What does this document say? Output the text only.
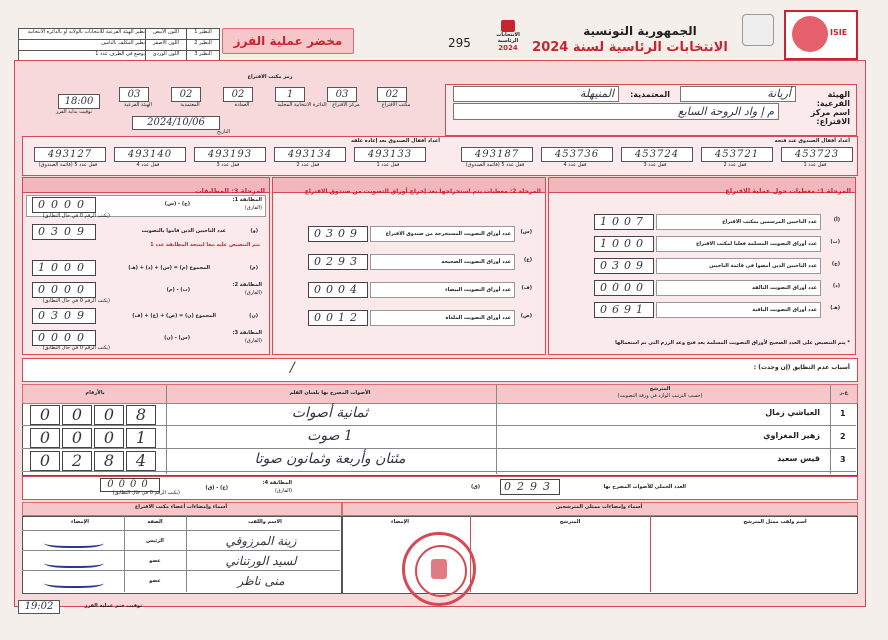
ISIE
الجمهورية التونسية
الانتخابات الرئاسية لسنة 2024
الانتخابات
الرئاسية
2024
295
مخضر عملية الفرز
النظير 1
اللون الأبيض
نظير الهيئة الفرعية للانتخابات بالولاية أو بالدائرة الانتخابية
النظير 2
اللون الأصفر
نظير المكلف بالتأمين
النظير 3
اللون الوردي
يوضع في الظرف عدد 1
الهيئة الفرعية:
أريانة
المعتمدية:
المنيهلة
اسم مركز الاقتراع:
م إ واد الروحة السابع
رمز مكتب الاقتراع
03
الهيئة الفرعية
02
المعتمدية
02
العمادة
1
الدائرة الانتخابية المحلية
03
مركز الاقتراع
02
مكتب الاقتراع
18:00
توقيت بداية الفرز
2024/10/06
التاريخ
أعداد أقفال الصندوق عند فتحه
أعداد أقفال الصندوق بعد إعادة غلقه
453723
قفل عدد 1
453721
قفل عدد 2
453724
قفل عدد 3
453736
قفل عدد 4
493187
قفل عدد 5 (قائمة الصندوق)
493133
قفل عدد 1
493134
قفل عدد 2
493193
قفل عدد 3
493140
قفل عدد 4
493127
قفل عدد 5 (قائمة الصندوق)
المرحلة 1: معطيات حول عملية الاقتراع
(أ)
عدد الناخبين المرسمين بمكتب الاقتراع
1007
(ب)
عدد أوراق التصويت المسلمة فعليا لمكتب الاقتراع
1000
(ج)
عدد الناخبين الذين أمضوا في قائمة الناخبين
0309
(د)
عدد أوراق التصويت التالفة
0000
(هـ)
عدد أوراق التصويت الباقية
0691
* يتم التنصيص على العدد الصحيح لأوراق التصويت المسلمة بعد فتح وعد الرزم التي تم استعمالها
المرحلة 2: معطيات يتم استخراجها بعد إخراج أوراق التصويت من صندوق الاقتراع
(س)
عدد أوراق التصويت المستخرجة من صندوق الاقتراع
0309
(ع)
عدد أوراق التصويت الصحيحة
0293
(ف)
عدد أوراق التصويت البيضاء
0004
(ص)
عدد أوراق التصويت الملغاة
0012
المرحلة 3: المطابقات
المطابقة 1:
(الفارق)
(ج) - (س)
0000
(يكتب الرقم 0 في حال التطابق)
(و)
عدد الناخبين الذين قاموا بالتصويت
0309
يتم التنصيص عليه تبعا لنتيجة المطابقة عدد 1
(م)
المجموع (م) = (س) + (د) + (هـ)
1000
المطابقة 2:
(الفارق)
(ب) - (م)
0000
(يكتب الرقم 0 في حال التطابق)
(ن)
المجموع (ن) = (ص) + (ع) + (ف)
0309
المطابقة 3:
(الفارق)
(س) - (ن)
0000
(يكتب الرقم 0 في حال التطابق)
أسباب عدم التطابق (إن وجدت) :
/
ع.ر
المترشح
(حسب الترتيب الوارد في ورقة التصويت)
الأصوات المصرح بها بلسان القلم
بالأرقام
1
العياشي زمال
ثمانية أصوات
0	0	0	8
2
زهير المغزاوي
1 صوت
0	0	0	1
3
قيس سعيد
مئتان وأربعة وثمانون صوتا
0	2	8	4
(ق)	العدد الجملي للأصوات المصرح بها
0293
المطابقة 4:
(الفارق)
(ع) - (ق)
0000
(يكتب الرقم 0 في حال التطابق)
أسماء وإمضاءات أعضاء مكتب الاقتراع	أسماء وإمضاءات ممثلي المترشحين
الإمضاء	الصفة	الاسم واللقب
الرئيس	زينة المرزوقي
عضو	لسيد الورتناني
عضو	منى ناظر
الإمضاء	المترشح	اسم ولقب ممثل المترشح
19:02	توقيت ختم عملية الفرز
